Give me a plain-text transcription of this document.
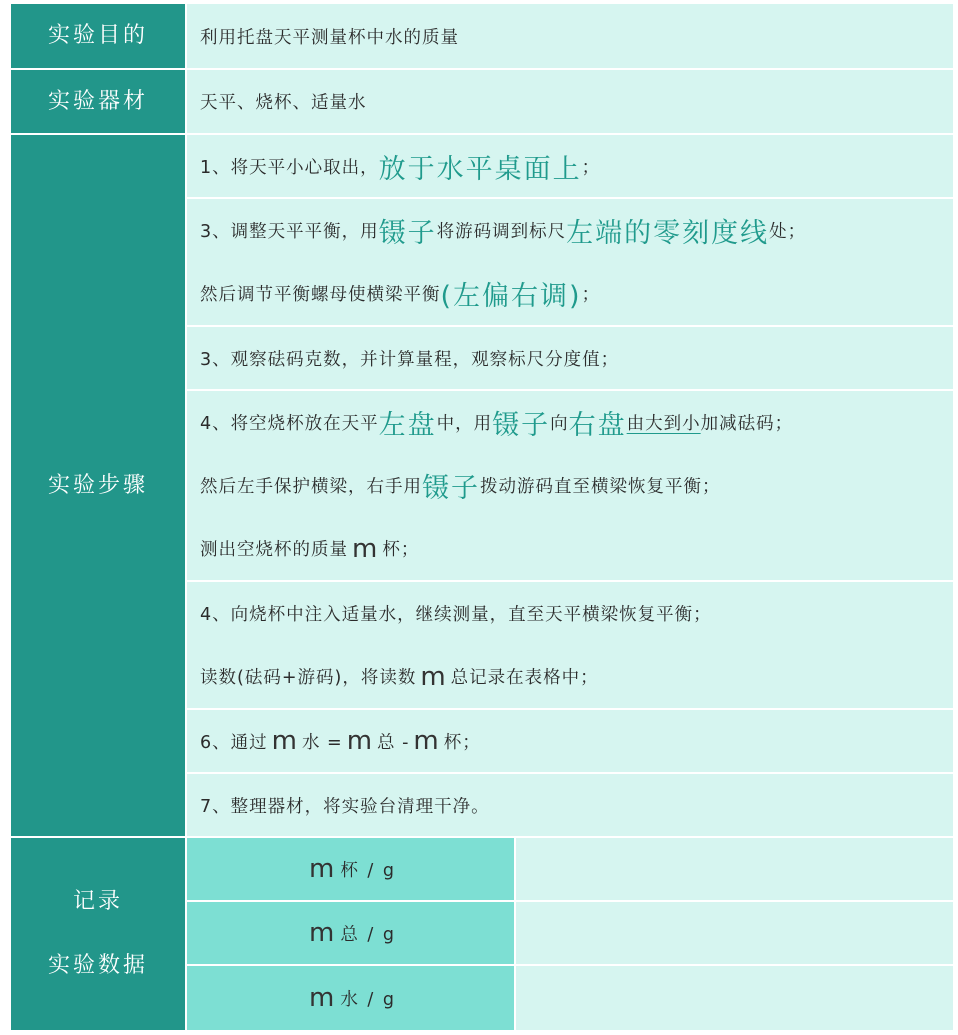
实验目的	利用托盘天平测量杯中水的质量
实验器材	天平、烧杯、适量水
实验步骤
1、将天平小心取出， 放于水平桌面上 ；
3、调整天平平衡，用 镊子 将游码调到标尺 左端的零刻度线 处；
然后调节平衡螺母使横梁平衡 (左偏右调) ；
3、观察砝码克数，并计算量程，观察标尺分度值；
4、将空烧杯放在天平 左盘 中，用 镊子 向 右盘 由大到小 加减砝码；
然后左手保护横梁，右手用 镊子 拨动游码直至横梁恢复平衡；
测出空烧杯的质量 m 杯；
4、向烧杯中注入适量水，继续测量，直至天平横梁恢复平衡；
读数(砝码+游码)，将读数 m 总记录在表格中；
6、通过 m 水 = m 总 - m 杯；
7、整理器材，将实验台清理干净。
记录
实验数据
m 杯 / g
m 总 / g
m 水 / g
